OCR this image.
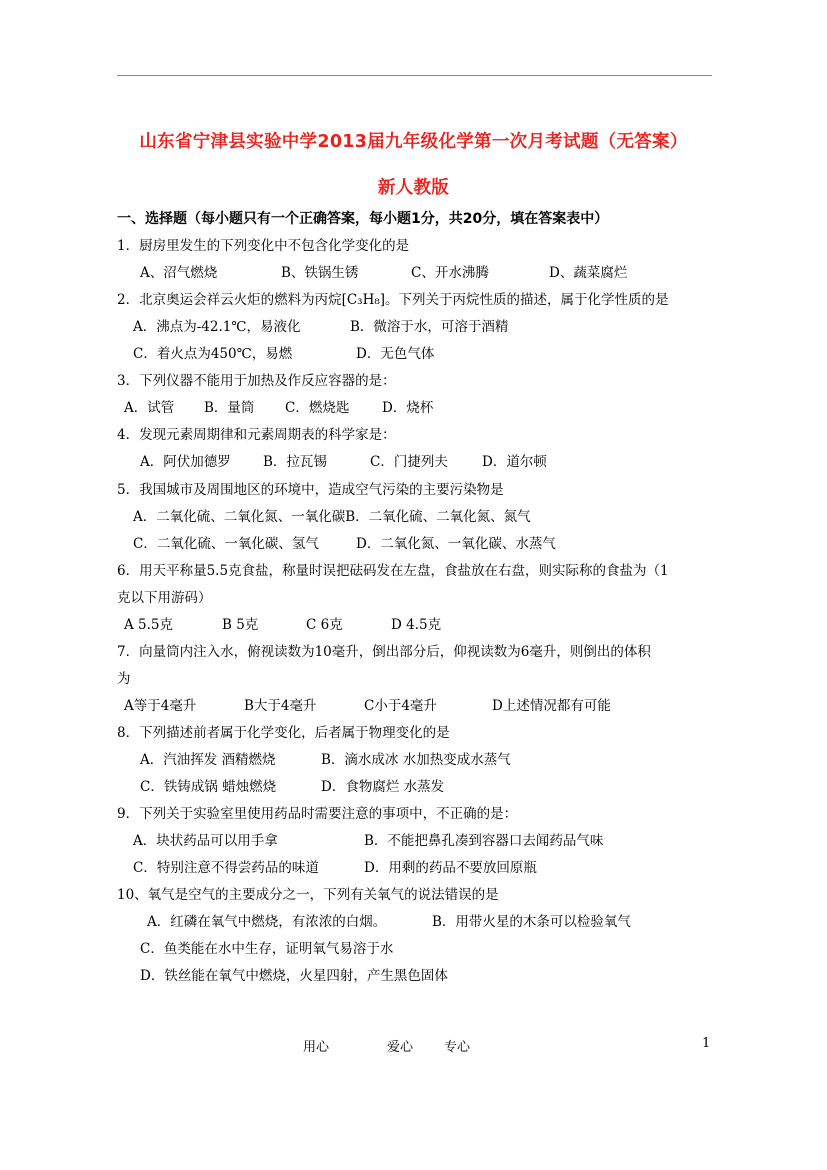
山东省宁津县实验中学2013届九年级化学第一次月考试题（无答案）
新人教版
一、选择题（每小题只有一个正确答案，每小题1分，共20分，填在答案表中）
1．厨房里发生的下列变化中不包含化学变化的是
A、沼气燃烧	B、铁锅生锈	C、开水沸腾	D、蔬菜腐烂
2．北京奥运会祥云火炬的燃料为丙烷[C₃H₈]。下列关于丙烷性质的描述，属于化学性质的是
A．沸点为-42.1℃，易液化	B．微溶于水，可溶于酒精
C．着火点为450℃，易燃	D．无色气体
3．下列仪器不能用于加热及作反应容器的是：
A．试管 B．量筒 C．燃烧匙 D．烧杯
4．发现元素周期律和元素周期表的科学家是：
A．阿伏加德罗 B．拉瓦锡	C．门捷列夫	D．道尔顿
5．我国城市及周围地区的环境中，造成空气污染的主要污染物是
A．二氧化硫、二氧化氮、一氧化碳B．二氧化硫、二氧化氮、氮气
C．二氧化硫、一氧化碳、氢气	D．二氧化氮、一氧化碳、水蒸气
6．用天平称量5.5克食盐，称量时误把砝码发在左盘，食盐放在右盘，则实际称的食盐为（1
克以下用游码）
A 5.5克	B 5克	C 6克	D 4.5克
7．向量筒内注入水，俯视读数为10毫升，倒出部分后，仰视读数为6毫升，则倒出的体积
为
A等于4毫升	B大于4毫升	C小于4毫升	D上述情况都有可能
8．下列描述前者属于化学变化，后者属于物理变化的是
A．汽油挥发 酒精燃烧	B．滴水成冰 水加热变成水蒸气
C．铁铸成锅 蜡烛燃烧	D．食物腐烂 水蒸发
9．下列关于实验室里使用药品时需要注意的事项中，不正确的是：
A．块状药品可以用手拿	B．不能把鼻孔凑到容器口去闻药品气味
C．特别注意不得尝药品的味道	D．用剩的药品不要放回原瓶
10、氧气是空气的主要成分之一，下列有关氧气的说法错误的是
A．红磷在氧气中燃烧，有浓浓的白烟。	B．用带火星的木条可以检验氧气
C．鱼类能在水中生存，证明氧气易溶于水
D．铁丝能在氧气中燃烧，火星四射，产生黑色固体
用心	爱心 专心	1
